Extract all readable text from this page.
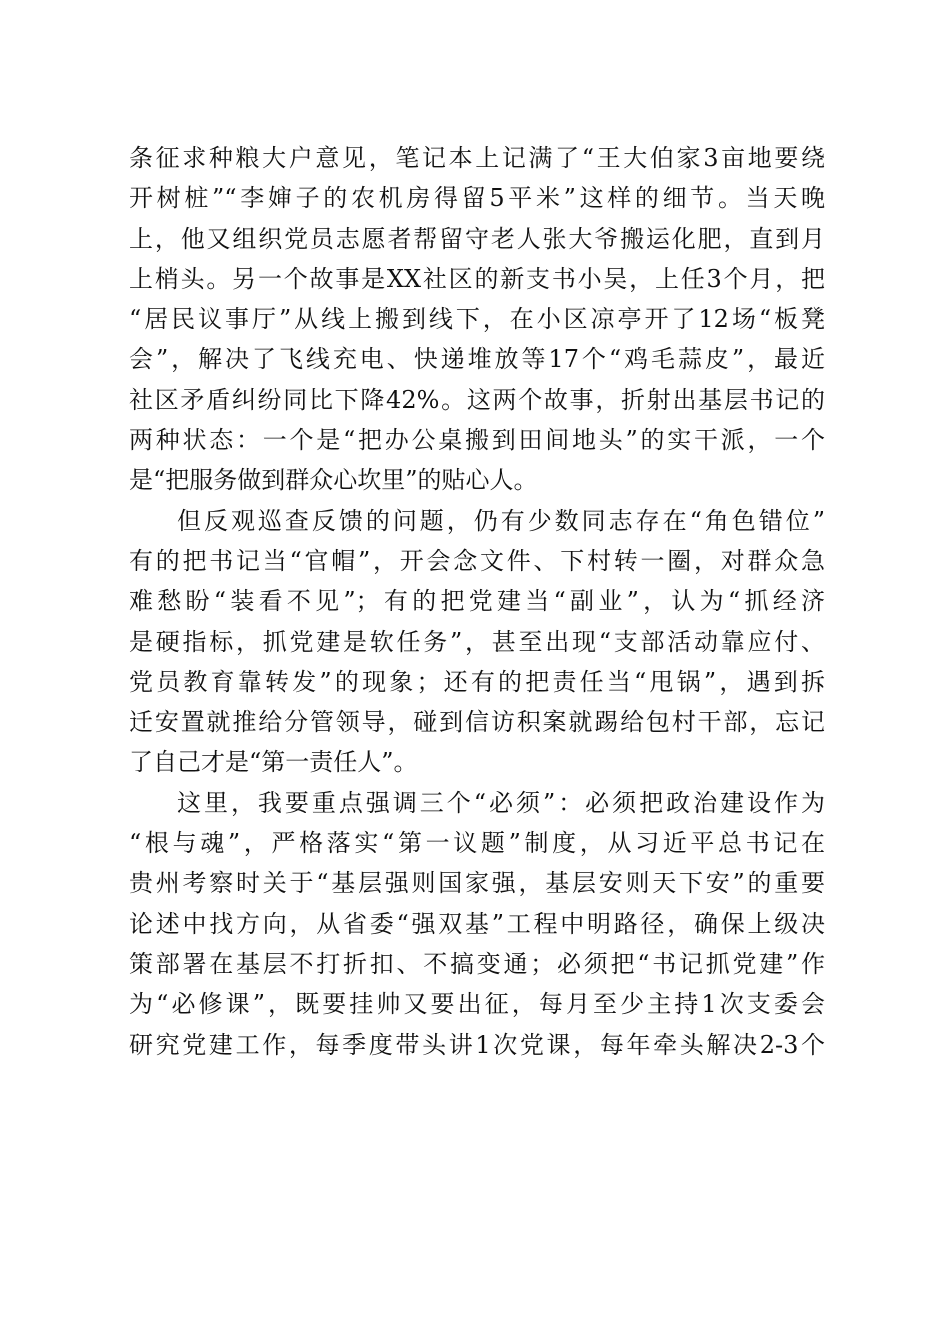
条征求种粮大户意见，笔记本上记满了“王大伯家3亩地要绕
开树桩”“李婶子的农机房得留5平米”这样的细节。当天晚
上，他又组织党员志愿者帮留守老人张大爷搬运化肥，直到月
上梢头。另一个故事是XX社区的新支书小吴，上任3个月，把
“居民议事厅”从线上搬到线下，在小区凉亭开了12场“板凳
会”，解决了飞线充电、快递堆放等17个“鸡毛蒜皮”，最近
社区矛盾纠纷同比下降42%。这两个故事，折射出基层书记的
两种状态：一个是“把办公桌搬到田间地头”的实干派，一个
是“把服务做到群众心坎里”的贴心人。
但反观巡查反馈的问题，仍有少数同志存在“角色错位”
有的把书记当“官帽”，开会念文件、下村转一圈，对群众急
难愁盼“装看不见”；有的把党建当“副业”，认为“抓经济
是硬指标，抓党建是软任务”，甚至出现“支部活动靠应付、
党员教育靠转发”的现象；还有的把责任当“甩锅”，遇到拆
迁安置就推给分管领导，碰到信访积案就踢给包村干部，忘记
了自己才是“第一责任人”。
这里，我要重点强调三个“必须”：必须把政治建设作为
“根与魂”，严格落实“第一议题”制度，从习近平总书记在
贵州考察时关于“基层强则国家强，基层安则天下安”的重要
论述中找方向，从省委“强双基”工程中明路径，确保上级决
策部署在基层不打折扣、不搞变通；必须把“书记抓党建”作
为“必修课”，既要挂帅又要出征，每月至少主持1次支委会
研究党建工作，每季度带头讲1次党课，每年牵头解决2-3个
